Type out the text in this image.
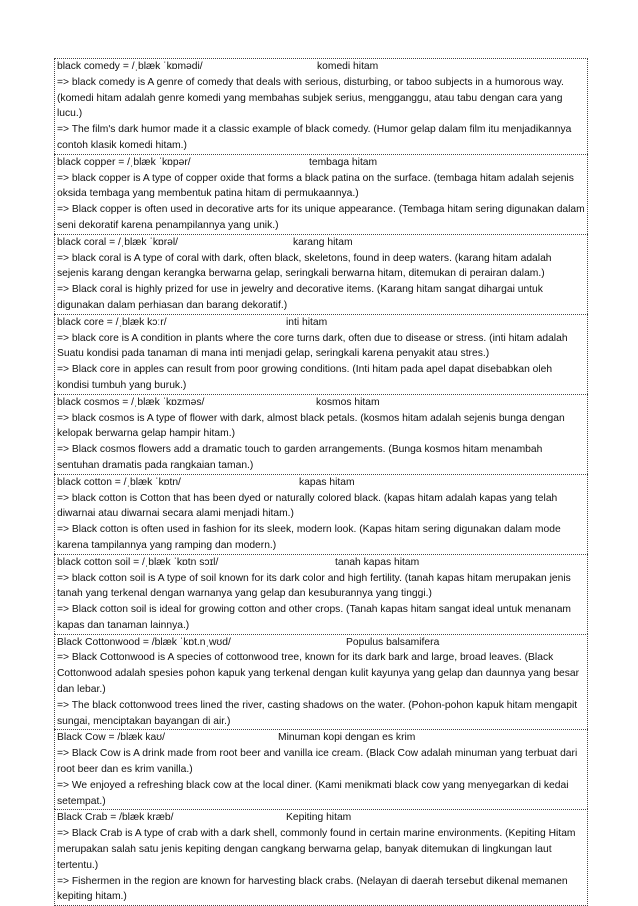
black comedy = /ˌblæk ˈkɒmədi/	komedi hitam
=> black comedy is A genre of comedy that deals with serious, disturbing, or taboo subjects in a humorous way. (komedi hitam adalah genre komedi yang membahas subjek serius, mengganggu, atau tabu dengan cara yang lucu.)
=> The film's dark humor made it a classic example of black comedy. (Humor gelap dalam film itu menjadikannya contoh klasik komedi hitam.)
black copper = /ˌblæk ˈkɒpər/	tembaga hitam
=> black copper is A type of copper oxide that forms a black patina on the surface. (tembaga hitam adalah sejenis oksida tembaga yang membentuk patina hitam di permukaannya.)
=> Black copper is often used in decorative arts for its unique appearance. (Tembaga hitam sering digunakan dalam seni dekoratif karena penampilannya yang unik.)
black coral = /ˌblæk ˈkɒrəl/	karang hitam
=> black coral is A type of coral with dark, often black, skeletons, found in deep waters. (karang hitam adalah sejenis karang dengan kerangka berwarna gelap, seringkali berwarna hitam, ditemukan di perairan dalam.)
=> Black coral is highly prized for use in jewelry and decorative items. (Karang hitam sangat dihargai untuk digunakan dalam perhiasan dan barang dekoratif.)
black core = /ˌblæk kɔːr/	inti hitam
=> black core is A condition in plants where the core turns dark, often due to disease or stress. (inti hitam adalah Suatu kondisi pada tanaman di mana inti menjadi gelap, seringkali karena penyakit atau stres.)
=> Black core in apples can result from poor growing conditions. (Inti hitam pada apel dapat disebabkan oleh kondisi tumbuh yang buruk.)
black cosmos = /ˌblæk ˈkɒzməs/	kosmos hitam
=> black cosmos is A type of flower with dark, almost black petals. (kosmos hitam adalah sejenis bunga dengan kelopak berwarna gelap hampir hitam.)
=> Black cosmos flowers add a dramatic touch to garden arrangements. (Bunga kosmos hitam menambah sentuhan dramatis pada rangkaian taman.)
black cotton = /ˌblæk ˈkɒtn/	kapas hitam
=> black cotton is Cotton that has been dyed or naturally colored black. (kapas hitam adalah kapas yang telah diwarnai atau diwarnai secara alami menjadi hitam.)
=> Black cotton is often used in fashion for its sleek, modern look. (Kapas hitam sering digunakan dalam mode karena tampilannya yang ramping dan modern.)
black cotton soil = /ˌblæk ˈkɒtn sɔɪl/	tanah kapas hitam
=> black cotton soil is A type of soil known for its dark color and high fertility. (tanah kapas hitam merupakan jenis tanah yang terkenal dengan warnanya yang gelap dan kesuburannya yang tinggi.)
=> Black cotton soil is ideal for growing cotton and other crops. (Tanah kapas hitam sangat ideal untuk menanam kapas dan tanaman lainnya.)
Black Cottonwood = /blæk ˈkɒt.nˌwʊd/	Populus balsamifera
=> Black Cottonwood is A species of cottonwood tree, known for its dark bark and large, broad leaves. (Black Cottonwood adalah spesies pohon kapuk yang terkenal dengan kulit kayunya yang gelap dan daunnya yang besar dan lebar.)
=> The black cottonwood trees lined the river, casting shadows on the water. (Pohon-pohon kapuk hitam mengapit sungai, menciptakan bayangan di air.)
Black Cow = /blæk kaʊ/	Minuman kopi dengan es krim
=> Black Cow is A drink made from root beer and vanilla ice cream. (Black Cow adalah minuman yang terbuat dari root beer dan es krim vanilla.)
=> We enjoyed a refreshing black cow at the local diner. (Kami menikmati black cow yang menyegarkan di kedai setempat.)
Black Crab = /blæk kræb/	Kepiting hitam
=> Black Crab is A type of crab with a dark shell, commonly found in certain marine environments. (Kepiting Hitam merupakan salah satu jenis kepiting dengan cangkang berwarna gelap, banyak ditemukan di lingkungan laut tertentu.)
=> Fishermen in the region are known for harvesting black crabs. (Nelayan di daerah tersebut dikenal memanen kepiting hitam.)
